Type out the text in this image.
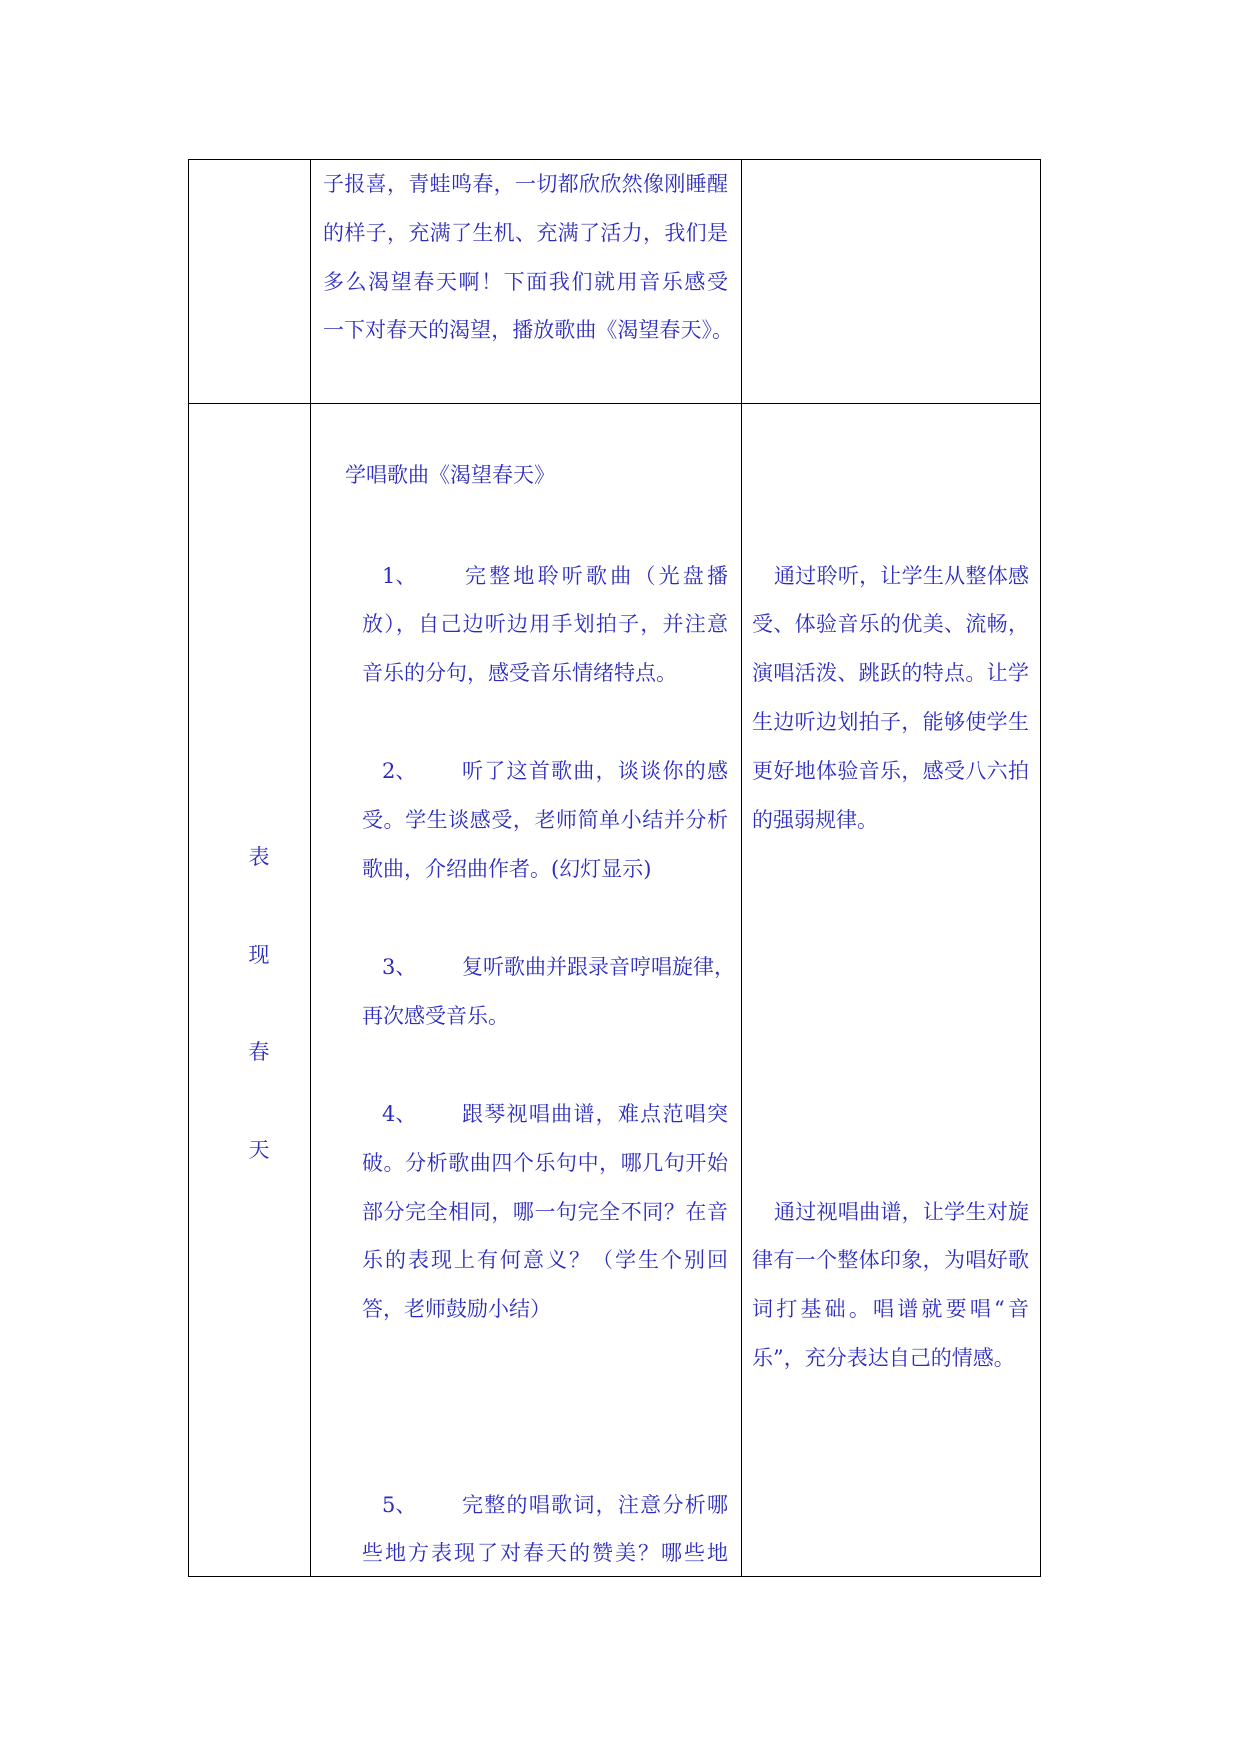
子报喜，青蛙鸣春，一切都欣欣然像刚睡醒
的样子，充满了生机、充满了活力，我们是
多么渴望春天啊！下面我们就用音乐感受
一下对春天的渴望，播放歌曲《渴望春天》。
表
现
春
天
学唱歌曲《渴望春天》
1、 完整地聆听歌曲（光盘播
放），自己边听边用手划拍子，并注意
音乐的分句，感受音乐情绪特点。
2、 听了这首歌曲，谈谈你的感
受。学生谈感受，老师简单小结并分析
歌曲，介绍曲作者。(幻灯显示)
3、 复听歌曲并跟录音哼唱旋律，
再次感受音乐。
4、 跟琴视唱曲谱，难点范唱突
破。分析歌曲四个乐句中，哪几句开始
部分完全相同，哪一句完全不同？在音
乐的表现上有何意义？（学生个别回
答，老师鼓励小结）
5、 完整的唱歌词，注意分析哪
些地方表现了对春天的赞美？哪些地
通过聆听，让学生从整体感
受、体验音乐的优美、流畅，
演唱活泼、跳跃的特点。让学
生边听边划拍子，能够使学生
更好地体验音乐，感受八六拍
的强弱规律。
通过视唱曲谱，让学生对旋
律有一个整体印象，为唱好歌
词打基础。唱谱就要唱“音
乐”，充分表达自己的情感。
